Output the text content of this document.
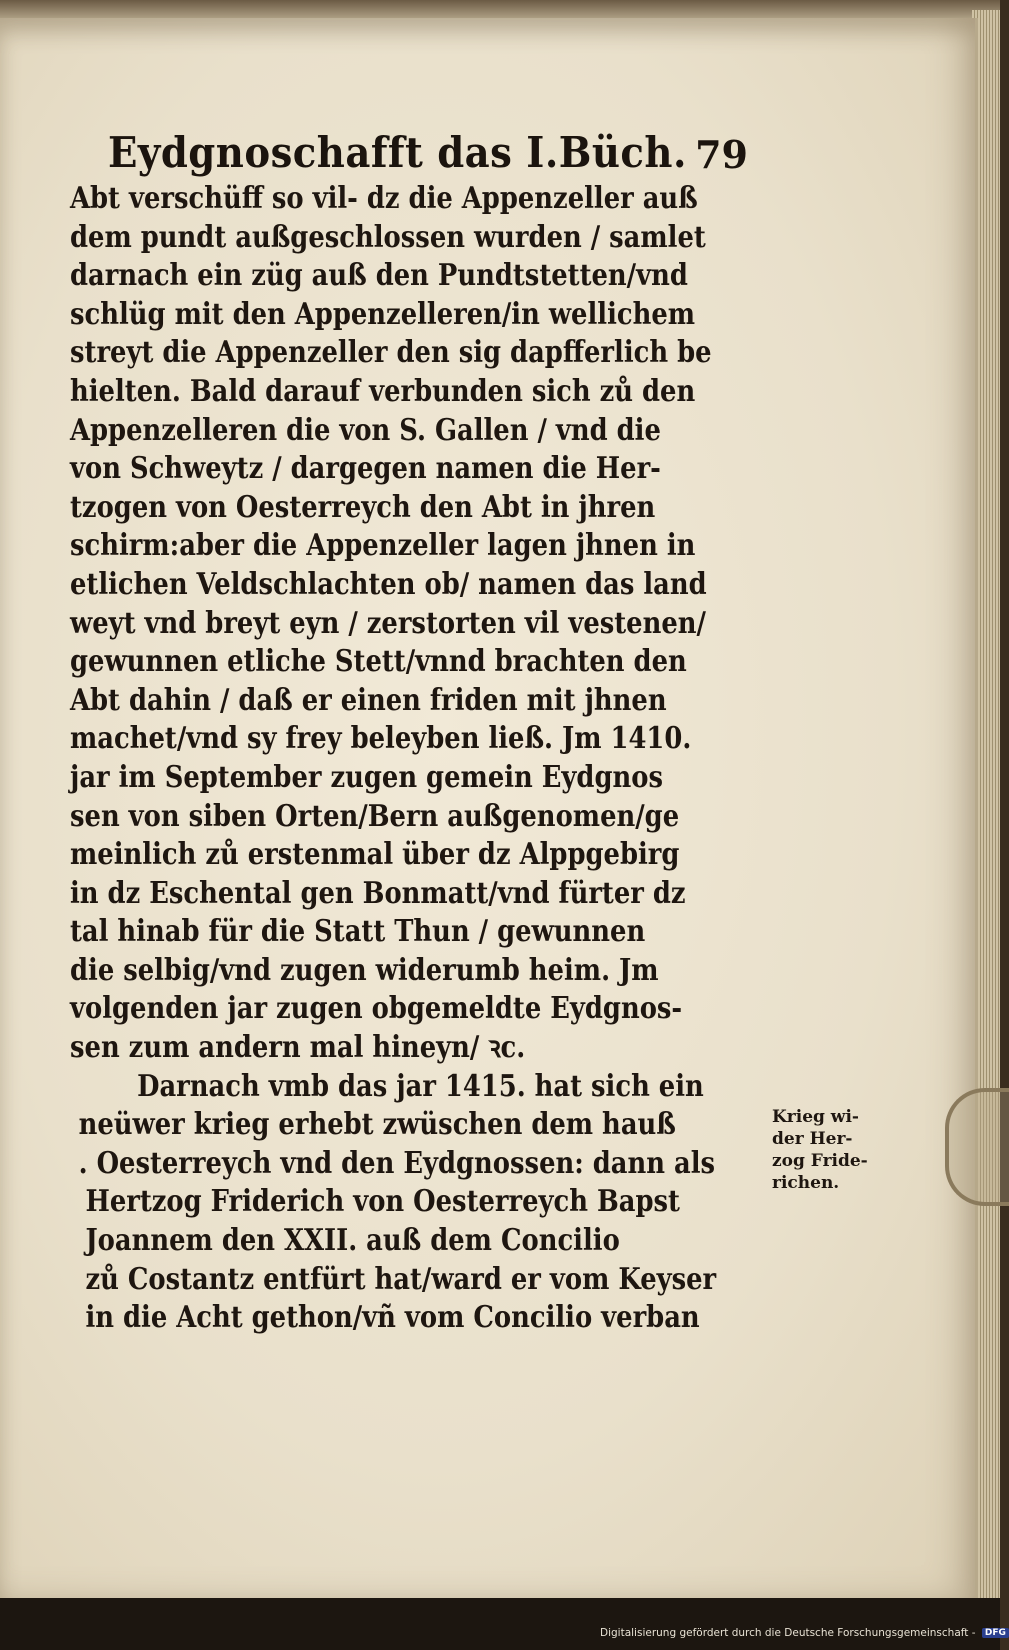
Eydgnoschafft das I.Büch. 79
Abt verschüff so vil- dz die Appenzeller auß
dem pundt außgeschlossen wurden / samlet
darnach ein züg auß den Pundtstetten/vnd
schlüg mit den Appenzelleren/in wellichem
streyt die Appenzeller den sig dapfferlich be
hielten. Bald darauf verbunden sich zů den
Appenzelleren die von S. Gallen / vnd die
von Schweytz / dargegen namen die Her-
tzogen von Oesterreych den Abt in jhren
schirm:aber die Appenzeller lagen jhnen in
etlichen Veldschlachten ob/ namen das land
weyt vnd breyt eyn / zerstorten vil vestenen/
gewunnen etliche Stett/vnnd brachten den
Abt dahin / daß er einen friden mit jhnen
machet/vnd sy frey beleyben ließ. Jm 1410.
jar im September zugen gemein Eydgnos
sen von siben Orten/Bern außgenomen/ge
meinlich zů erstenmal über dz Alppgebirg
in dz Eschental gen Bonmatt/vnd fürter dz
tal hinab für die Statt Thun / gewunnen
die selbig/vnd zugen widerumb heim. Jm
volgenden jar zugen obgemeldte Eydgnos-
sen zum andern mal hineyn/ ꝛc.
Darnach vmb das jar 1415. hat sich ein
neüwer krieg erhebt zwüschen dem hauß
. Oesterreych vnd den Eydgnossen: dann als
Hertzog Friderich von Oesterreych Bapst
Joannem den XXII. auß dem Concilio
zů Costantz entfürt hat/ward er vom Keyser
in die Acht gethon/vñ vom Concilio verban
Krieg wi-
der Her-
zog Fride-
richen.
Digitalisierung gefördert durch die Deutsche Forschungsgemeinschaft - DFG
